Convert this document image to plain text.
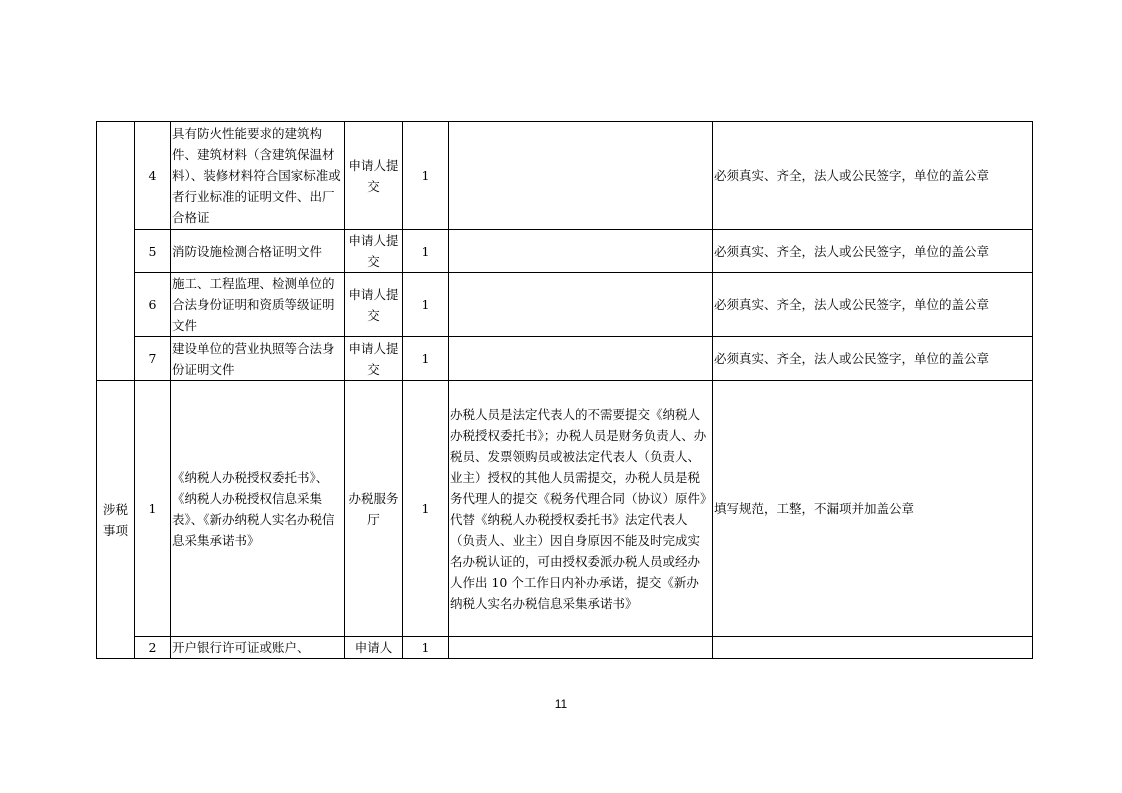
	4	具有防火性能要求的建筑构件、建筑材料（含建筑保温材料）、装修材料符合国家标准或者行业标准的证明文件、出厂合格证	申请人提交	1		必须真实、齐全，法人或公民签字，单位的盖公章
	5	消防设施检测合格证明文件	申请人提交	1		必须真实、齐全，法人或公民签字，单位的盖公章
	6	施工、工程监理、检测单位的合法身份证明和资质等级证明文件	申请人提交	1		必须真实、齐全，法人或公民签字，单位的盖公章
	7	建设单位的营业执照等合法身份证明文件	申请人提交	1		必须真实、齐全，法人或公民签字，单位的盖公章
涉税事项	1	《纳税人办税授权委托书》、《纳税人办税授权信息采集表》、《新办纳税人实名办税信息采集承诺书》	办税服务厅	1	办税人员是法定代表人的不需要提交《纳税人办税授权委托书》；办税人员是财务负责人、办税员、发票领购员或被法定代表人（负责人、业主）授权的其他人员需提交，办税人员是税务代理人的提交《税务代理合同（协议）原件》代替《纳税人办税授权委托书》法定代表人（负责人、业主）因自身原因不能及时完成实名办税认证的，可由授权委派办税人员或经办人作出 10 个工作日内补办承诺，提交《新办纳税人实名办税信息采集承诺书》	填写规范，工整，不漏项并加盖公章
	2	开户银行许可证或账户、	申请人	1		
11
